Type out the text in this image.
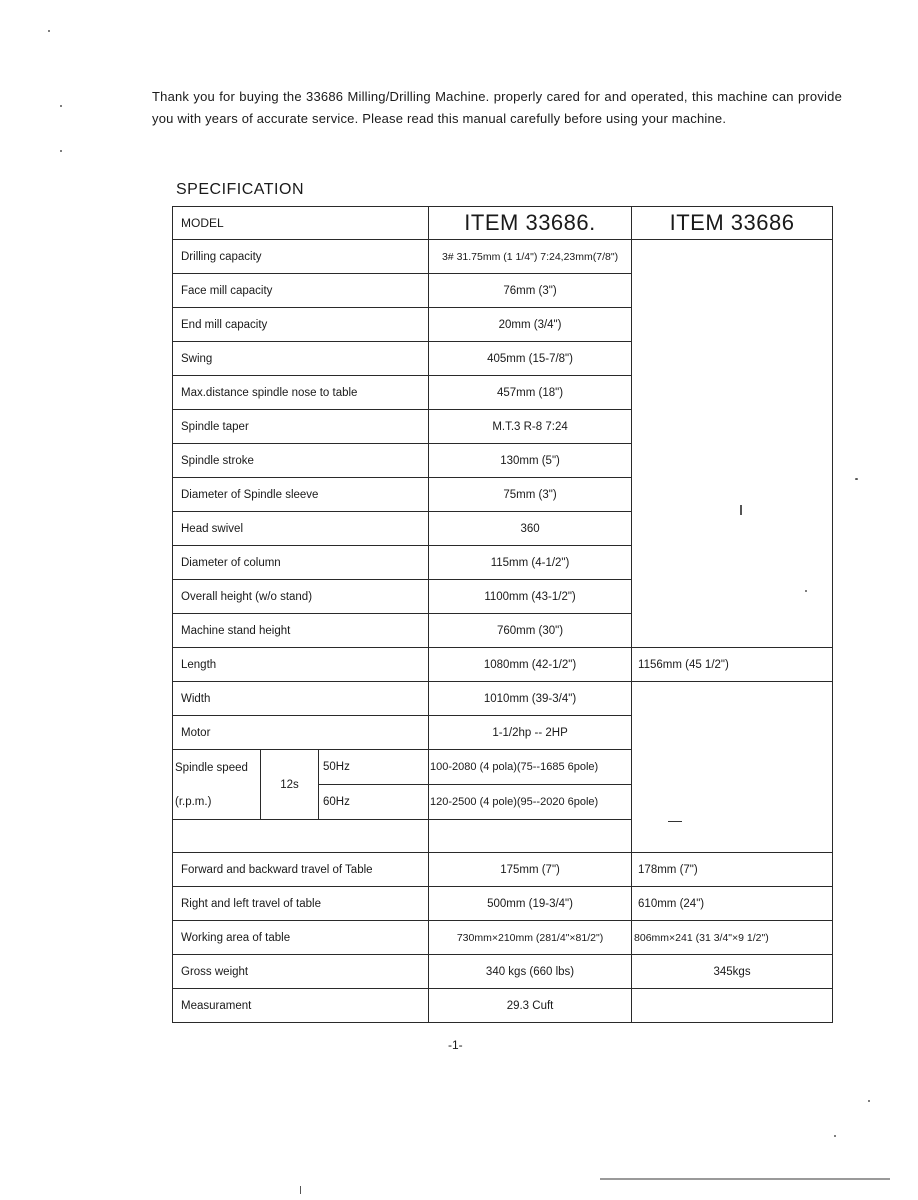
Thank you for buying the 33686 Milling/Drilling Machine. properly cared for and operated, this machine can provide you with years of accurate service. Please read this manual carefully before using your machine.

SPECIFICATION
MODEL			ITEM 33686.	ITEM 33686
Drilling capacity			3# 31.75mm (1 1/4") 7:24,23mm(7/8")	
Face mill capacity			76mm (3")	
End mill capacity			20mm (3/4")	
Swing			405mm (15-7/8")	
Max.distance spindle nose to table			457mm (18")	
Spindle taper			M.T.3 R-8 7:24	
Spindle stroke			130mm (5")	
Diameter of Spindle sleeve			75mm (3")	
Head swivel			360	
Diameter of column			115mm (4-1/2")	
Overall height (w/o stand)			1100mm (43-1/2")	
Machine stand height			760mm (30")	
Length			1080mm (42-1/2")	1156mm (45 1/2")
Width			1010mm (39-3/4")	
Motor			1-1/2hp -- 2HP	
Spindle speed
(r.p.m.)	12s	50Hz	100-2080 (4 pola)(75--1685 6pole)	
		60Hz	120-2500 (4 pole)(95--2020 6pole)	

Forward and backward travel of Table			175mm (7")	178mm (7")
Right and left travel of table			500mm (19-3/4")	610mm (24")
Working area of table			730mm×210mm (281/4"×81/2")	806mm×241 (31 3/4"×9 1/2")
Gross weight			340 kgs (660 lbs)	345kgs
Measurament			29.3 Cuft	
-1-
